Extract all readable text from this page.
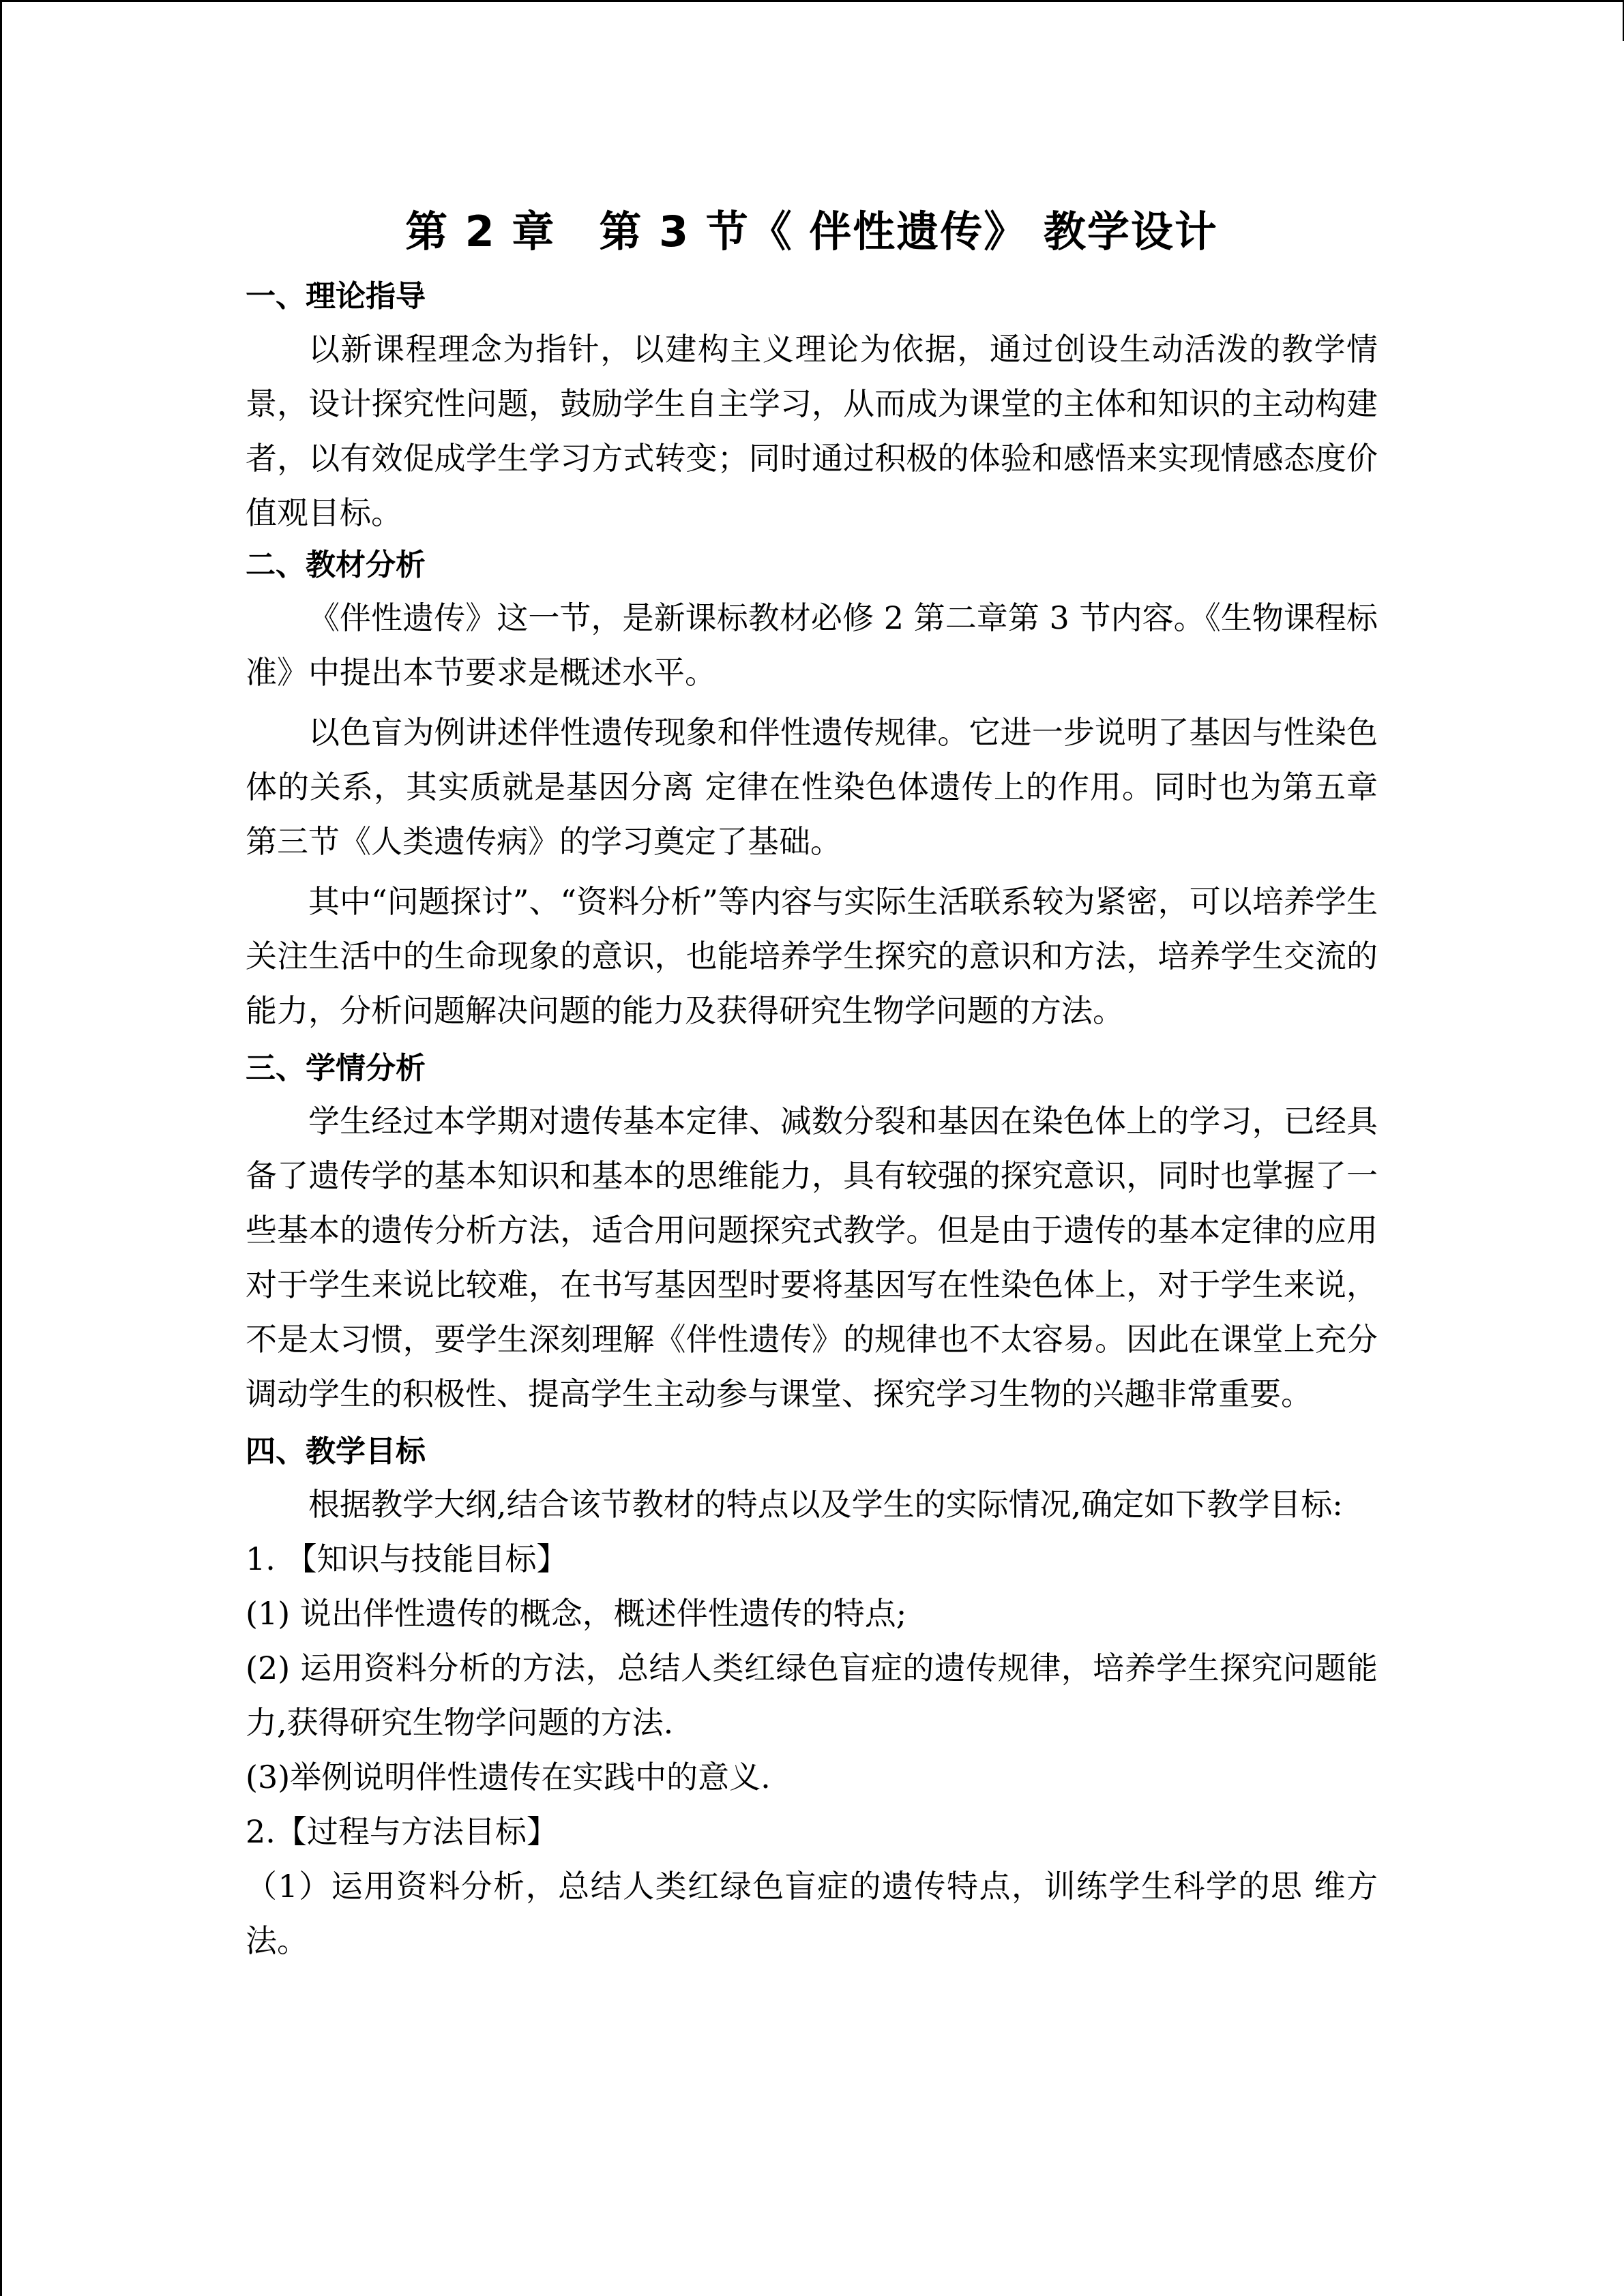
第 2 章　第 3 节《 伴性遗传》 教学设计
一、理论指导

以新课程理念为指针，以建构主义理论为依据，通过创设生动活泼的教学情景，设计探究性问题，鼓励学生自主学习，从而成为课堂的主体和知识的主动构建者，以有效促成学生学习方式转变；同时通过积极的体验和感悟来实现情感态度价值观目标。

二、教材分析

《伴性遗传》这一节，是新课标教材必修 2 第二章第 3 节内容。《生物课程标准》中提出本节要求是概述水平。

以色盲为例讲述伴性遗传现象和伴性遗传规律。它进一步说明了基因与性染色体的关系，其实质就是基因分离 定律在性染色体遗传上的作用。同时也为第五章第三节《人类遗传病》的学习奠定了基础。

其中“问题探讨”、“资料分析”等内容与实际生活联系较为紧密，可以培养学生关注生活中的生命现象的意识，也能培养学生探究的意识和方法，培养学生交流的能力，分析问题解决问题的能力及获得研究生物学问题的方法。

三、学情分析

学生经过本学期对遗传基本定律、减数分裂和基因在染色体上的学习，已经具备了遗传学的基本知识和基本的思维能力，具有较强的探究意识，同时也掌握了一些基本的遗传分析方法，适合用问题探究式教学。但是由于遗传的基本定律的应用对于学生来说比较难，在书写基因型时要将基因写在性染色体上，对于学生来说，不是太习惯，要学生深刻理解《伴性遗传》的规律也不太容易。因此在课堂上充分调动学生的积极性、提高学生主动参与课堂、探究学习生物的兴趣非常重要。

四、教学目标

根据教学大纲,结合该节教材的特点以及学生的实际情况,确定如下教学目标:

1. 【知识与技能目标】

(1) 说出伴性遗传的概念，概述伴性遗传的特点;

(2) 运用资料分析的方法，总结人类红绿色盲症的遗传规律，培养学生探究问题能力,获得研究生物学问题的方法.

(3)举例说明伴性遗传在实践中的意义.

2.【过程与方法目标】

（1）运用资料分析，总结人类红绿色盲症的遗传特点，训练学生科学的思 维方法。
